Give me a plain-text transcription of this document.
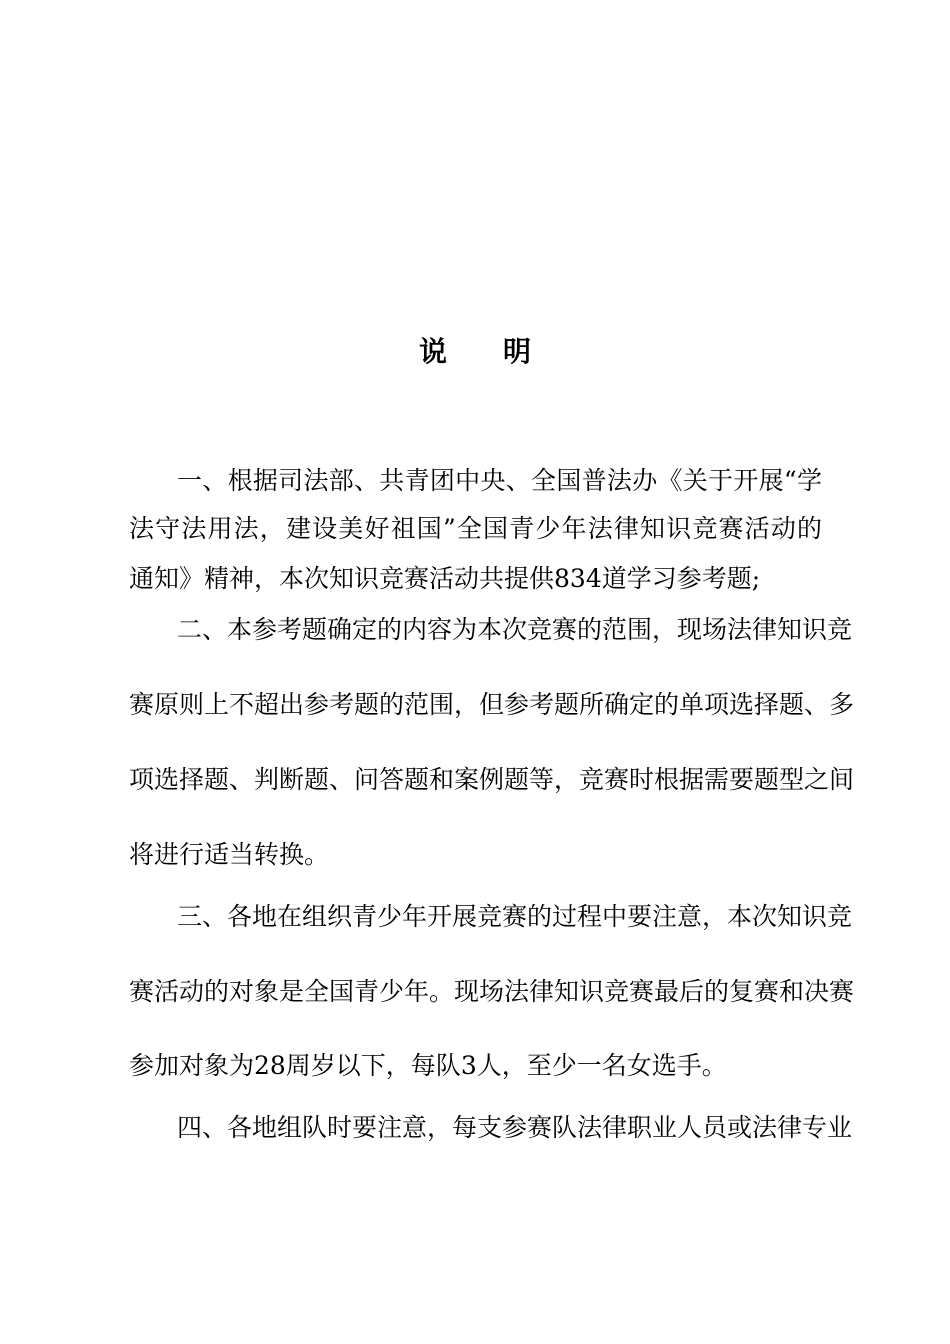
说 明

一、根据司法部、共青团中央、全国普法办《关于开展“学

法守法用法，建设美好祖国”全国青少年法律知识竞赛活动的

通知》精神，本次知识竞赛活动共提供834道学习参考题;

二、本参考题确定的内容为本次竞赛的范围，现场法律知识竞

赛原则上不超出参考题的范围，但参考题所确定的单项选择题、多

项选择题、判断题、问答题和案例题等，竞赛时根据需要题型之间

将进行适当转换。

三、各地在组织青少年开展竞赛的过程中要注意，本次知识竞

赛活动的对象是全国青少年。现场法律知识竞赛最后的复赛和决赛

参加对象为28周岁以下，每队3人，至少一名女选手。

四、各地组队时要注意，每支参赛队法律职业人员或法律专业
